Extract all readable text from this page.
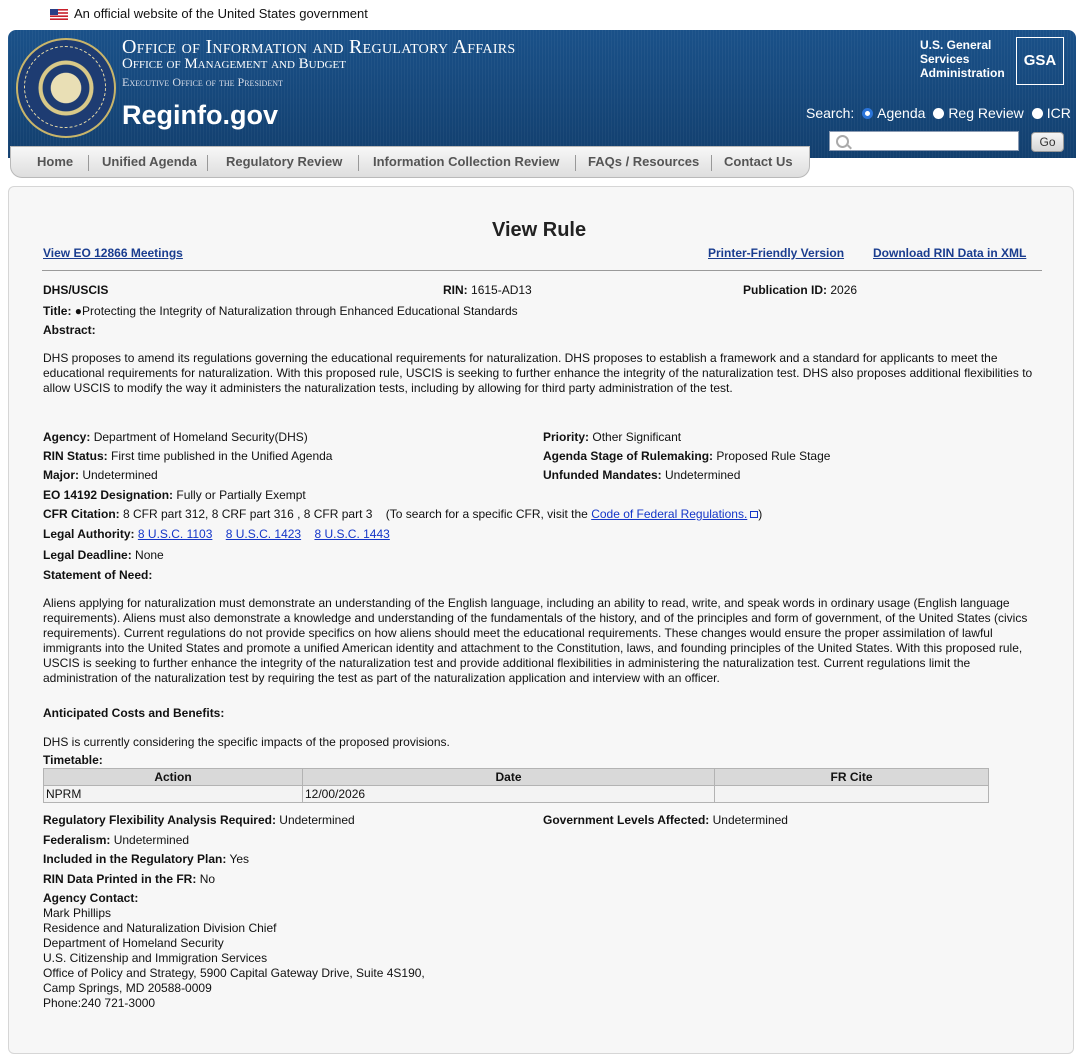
An official website of the United States government
Office of Information and Regulatory Affairs
Office of Management and Budget
Executive Office of the President
Reginfo.gov
U.S. General
Services
Administration
GSA
Search: Agenda Reg Review ICR
Go
Home Unified Agenda Regulatory Review Information Collection Review FAQs / Resources Contact Us
View Rule
View EO 12866 Meetings	Printer-Friendly Version Download RIN Data in XML
DHS/USCIS	RIN: 1615-AD13	Publication ID: 2026
Title: ●Protecting the Integrity of Naturalization through Enhanced Educational Standards
Abstract:
DHS proposes to amend its regulations governing the educational requirements for naturalization. DHS proposes to establish a framework and a standard for applicants to meet the educational requirements for naturalization. With this proposed rule, USCIS is seeking to further enhance the integrity of the naturalization test. DHS also proposes additional flexibilities to allow USCIS to modify the way it administers the naturalization tests, including by allowing for third party administration of the test.
Agency: Department of Homeland Security(DHS)	Priority: Other Significant
RIN Status: First time published in the Unified Agenda	Agenda Stage of Rulemaking: Proposed Rule Stage
Major: Undetermined	Unfunded Mandates: Undetermined
EO 14192 Designation: Fully or Partially Exempt
CFR Citation: 8 CFR part 312, 8 CRF part 316 , 8 CFR part 3 (To search for a specific CFR, visit the Code of Federal Regulations. )
Legal Authority: 8 U.S.C. 1103 8 U.S.C. 1423 8 U.S.C. 1443
Legal Deadline: None
Statement of Need:
Aliens applying for naturalization must demonstrate an understanding of the English language, including an ability to read, write, and speak words in ordinary usage (English language requirements). Aliens must also demonstrate a knowledge and understanding of the fundamentals of the history, and of the principles and form of government, of the United States (civics requirements). Current regulations do not provide specifics on how aliens should meet the educational requirements. These changes would ensure the proper assimilation of lawful immigrants into the United States and promote a unified American identity and attachment to the Constitution, laws, and founding principles of the United States. With this proposed rule, USCIS is seeking to further enhance the integrity of the naturalization test and provide additional flexibilities in administering the naturalization test. Current regulations limit the administration of the naturalization test by requiring the test as part of the naturalization application and interview with an officer.
Anticipated Costs and Benefits:
DHS is currently considering the specific impacts of the proposed provisions.
Timetable:
Action	Date	FR Cite
NPRM	12/00/2026	
Regulatory Flexibility Analysis Required: Undetermined	Government Levels Affected: Undetermined
Federalism: Undetermined
Included in the Regulatory Plan: Yes
RIN Data Printed in the FR: No
Agency Contact:
Mark Phillips
Residence and Naturalization Division Chief
Department of Homeland Security
U.S. Citizenship and Immigration Services
Office of Policy and Strategy, 5900 Capital Gateway Drive, Suite 4S190,
Camp Springs, MD 20588-0009
Phone:240 721-3000
